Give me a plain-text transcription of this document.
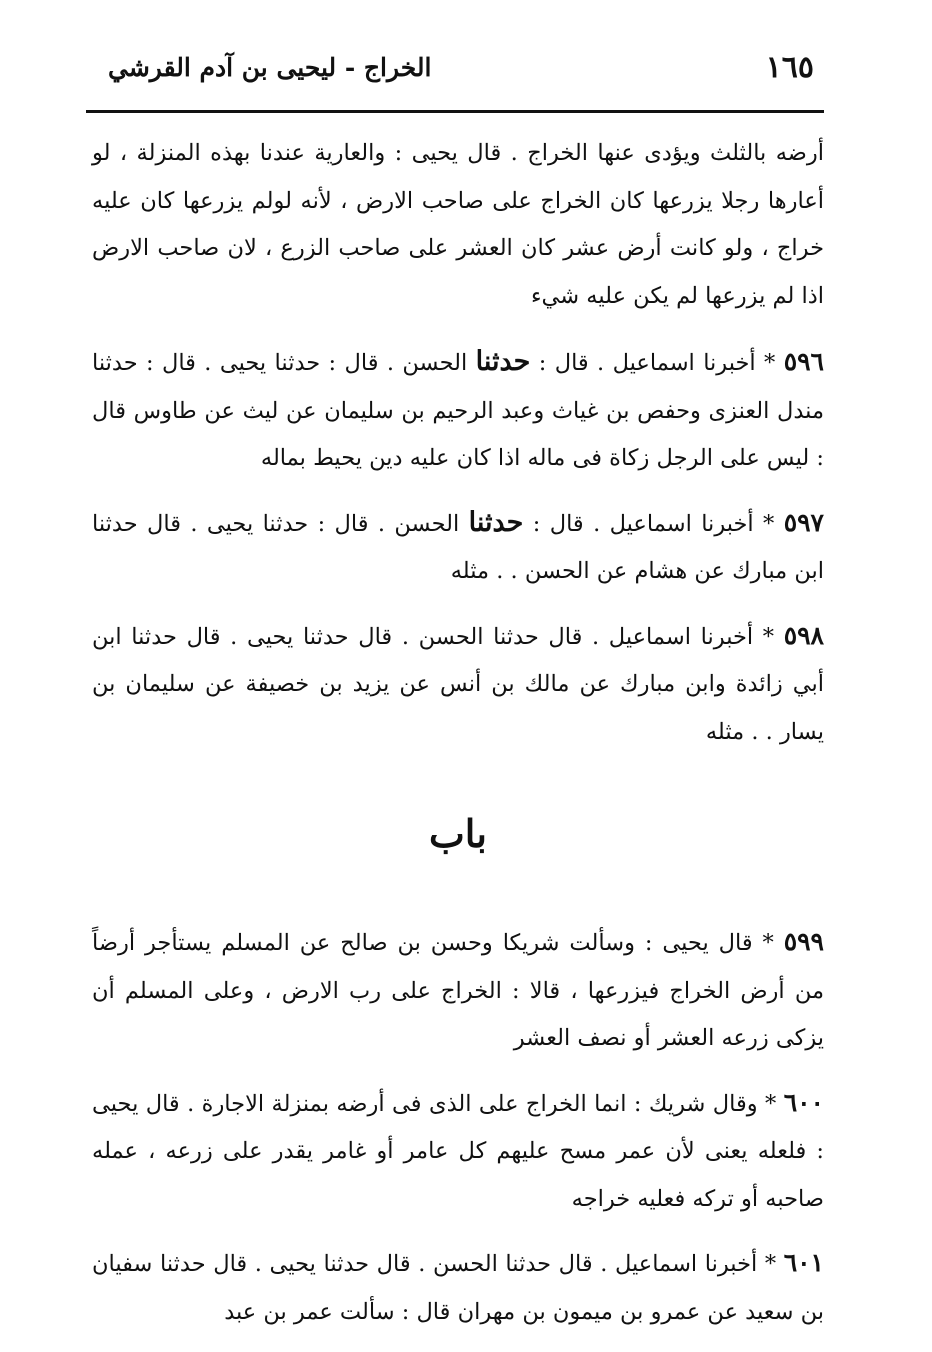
١٦٥
الخراج - ليحيى بن آدم القرشي

أرضه بالثلث ويؤدى عنها الخراج . قال يحيى : والعارية عندنا بهذه المنزلة ، لو أعارها رجلا يزرعها كان الخراج على صاحب الارض ، لأنه لولم يزرعها كان عليه خراج ، ولو كانت أرض عشر كان العشر على صاحب الزرع ، لان صاحب الارض اذا لم يزرعها لم يكن عليه شيء

٥٩٦ * أخبرنا اسماعيل . قال : حدثنا الحسن . قال : حدثنا يحيى . قال : حدثنا مندل العنزى وحفص بن غياث وعبد الرحيم بن سليمان عن ليث عن طاوس قال : ليس على الرجل زكاة فى ماله اذا كان عليه دين يحيط بماله

٥٩٧ * أخبرنا اسماعيل . قال : حدثنا الحسن . قال : حدثنا يحيى . قال حدثنا ابن مبارك عن هشام عن الحسن . . مثله

٥٩٨ * أخبرنا اسماعيل . قال حدثنا الحسن . قال حدثنا يحيى . قال حدثنا ابن أبي زائدة وابن مبارك عن مالك بن أنس عن يزيد بن خصيفة عن سليمان بن يسار . . مثله

باب

٥٩٩ * قال يحيى : وسألت شريكا وحسن بن صالح عن المسلم يستأجر أرضاً من أرض الخراج فيزرعها ، قالا : الخراج على رب الارض ، وعلى المسلم أن يزكى زرعه العشر أو نصف العشر

٦٠٠ * وقال شريك : انما الخراج على الذى فى أرضه بمنزلة الاجارة . قال يحيى : فلعله يعنى لأن عمر مسح عليهم كل عامر أو غامر يقدر على زرعه ، عمله صاحبه أو تركه فعليه خراجه

٦٠١ * أخبرنا اسماعيل . قال حدثنا الحسن . قال حدثنا يحيى . قال حدثنا سفيان بن سعيد عن عمرو بن ميمون بن مهران قال : سألت عمر بن عبد
